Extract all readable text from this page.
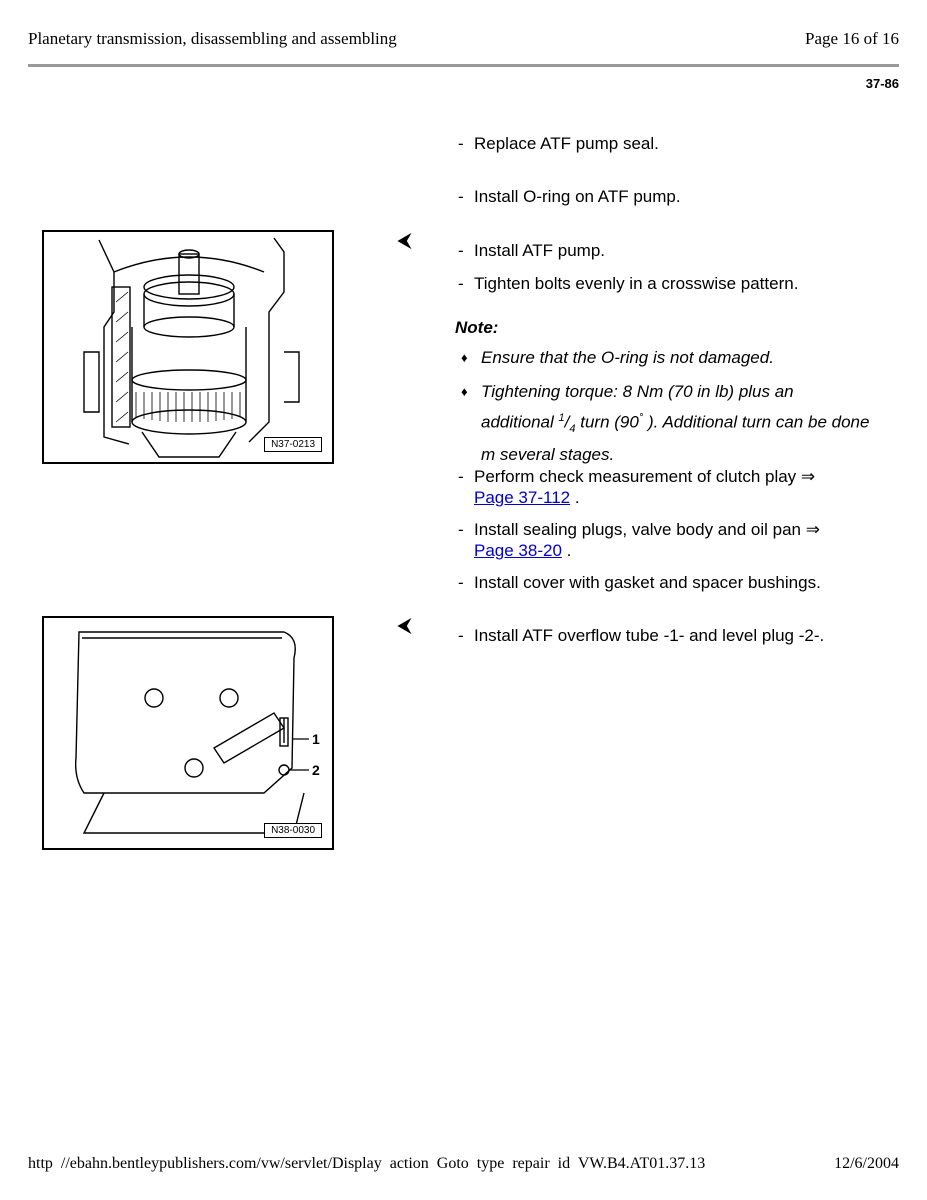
Planetary transmission, disassembling and assembling	Page 16 of 16
37-86
- Replace ATF pump seal.
- Install O-ring on ATF pump.
⮜
- Install ATF pump.
- Tighten bolts evenly in a crosswise pattern.
Note:
♦ Ensure that the O-ring is not damaged.
♦ Tightening torque: 8 Nm (70 in lb) plus an additional $^1/_4$ turn (90° ). Additional turn can be done m several stages.
- Perform check measurement of clutch play ⇒
Page 37-112 .
- Install sealing plugs, valve body and oil pan ⇒
Page 38-20 .
- Install cover with gasket and spacer bushings.
⮜
- Install ATF overflow tube -1- and level plug -2-.
N37-0213
1
2
N38-0030
http //ebahn.bentleypublishers.com/vw/servlet/Display action Goto type repair id VW.B4.AT01.37.13	12/6/2004
